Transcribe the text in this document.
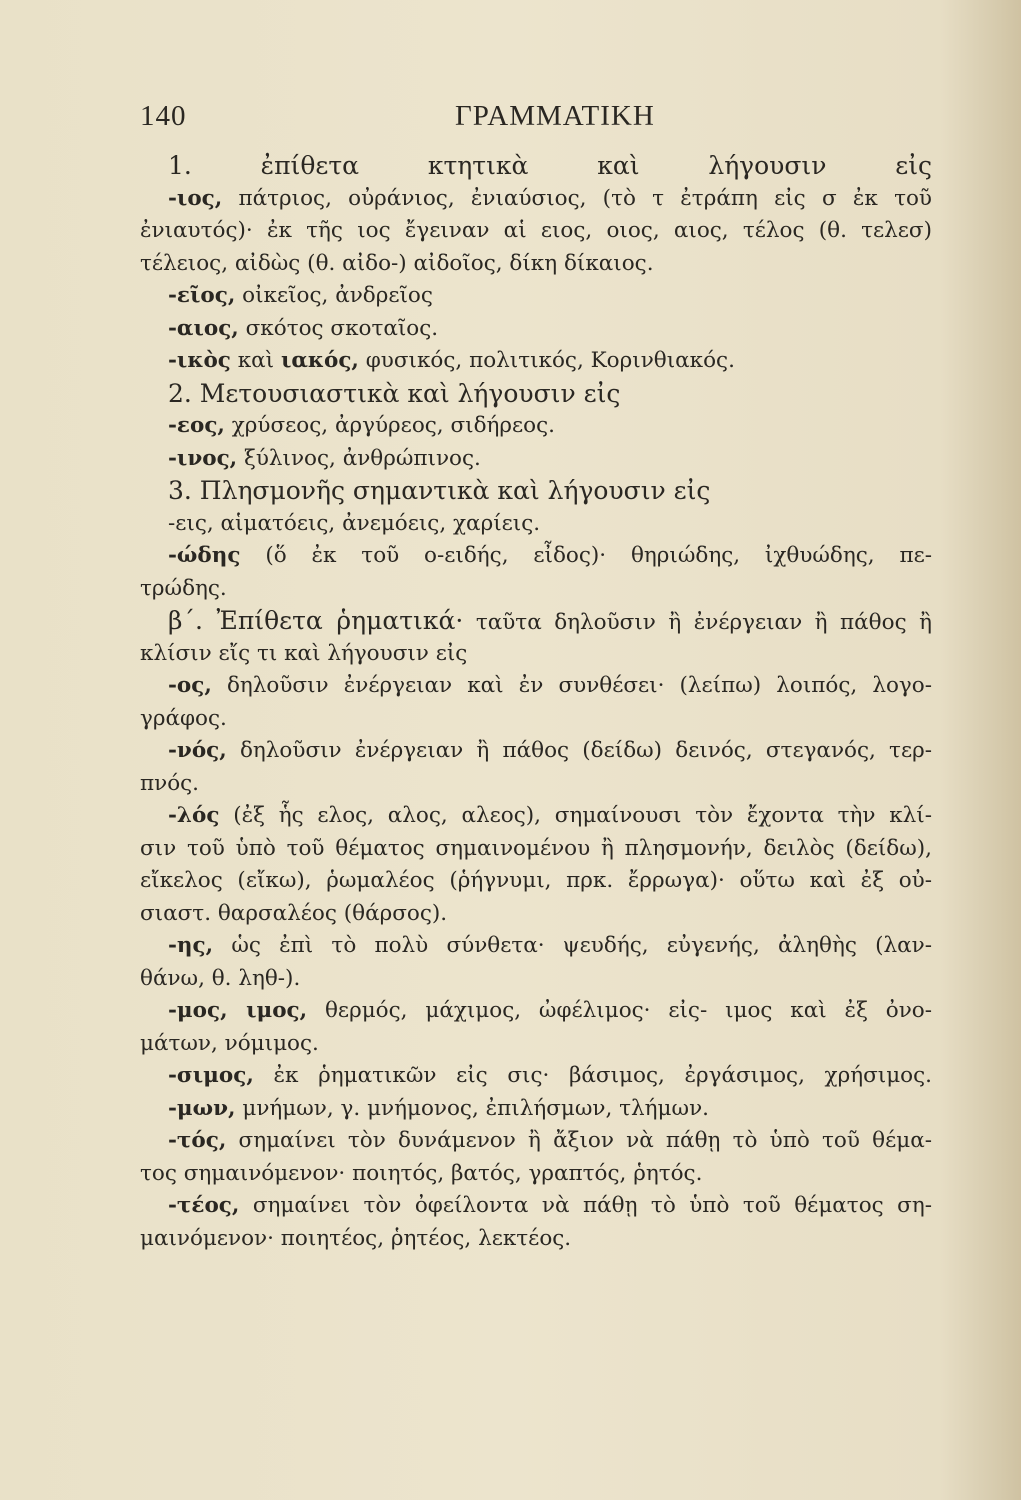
140	ΓΡΑΜΜΑΤΙΚΗ
1. ἐπίθετα κτητικὰ καὶ λήγουσιν εἰς
-ιος, πάτριος, οὐράνιος, ἐνιαύσιος, (τὸ τ ἐτράπη εἰς σ ἐκ τοῦ
ἐνιαυτός)· ἐκ τῆς ιος ἔγειναν αἱ ειος, οιος, αιος, τέλος (θ. τελεσ)
τέλειος, αἰδὼς (θ. αἰδο-) αἰδοῖος, δίκη δίκαιος.
-εῖος, οἰκεῖος, ἀνδρεῖος
-αιος, σκότος σκοταῖος.
-ικὸς καὶ ιακός, φυσικός, πολιτικός, Κορινθιακός.
2. Μετουσιαστικὰ καὶ λήγουσιν εἰς
-εος, χρύσεος, ἀργύρεος, σιδήρεος.
-ινος, ξύλινος, ἀνθρώπινος.
3. Πλησμονῆς σημαντικὰ καὶ λήγουσιν εἰς
-εις, αἱματόεις, ἀνεμόεις, χαρίεις.
-ώδης (ὅ ἐκ τοῦ ο-ειδής, εἶδος)· θηριώδης, ἰχθυώδης, πε-
τρώδης.
β΄. Ἐπίθετα ῥηματικά· ταῦτα δηλοῦσιν ἢ ἐνέργειαν ἢ πάθος ἢ
κλίσιν εἴς τι καὶ λήγουσιν εἰς
-ος, δηλοῦσιν ἐνέργειαν καὶ ἐν συνθέσει· (λείπω) λοιπός, λογο-
γράφος.
-νός, δηλοῦσιν ἐνέργειαν ἢ πάθος (δείδω) δεινός, στεγανός, τερ-
πνός.
-λός (ἐξ ἧς ελος, αλος, αλεος), σημαίνουσι τὸν ἔχοντα τὴν κλί-
σιν τοῦ ὑπὸ τοῦ θέματος σημαινομένου ἢ πλησμονήν, δειλὸς (δείδω),
εἴκελος (εἴκω), ῥωμαλέος (ῥήγνυμι, πρκ. ἔρρωγα)· οὕτω καὶ ἐξ οὐ-
σιαστ. θαρσαλέος (θάρσος).
-ης, ὡς ἐπὶ τὸ πολὺ σύνθετα· ψευδής, εὐγενής, ἀληθὴς (λαν-
θάνω, θ. ληθ-).
-μος, ιμος, θερμός, μάχιμος, ὠφέλιμος· εἰς- ιμος καὶ ἐξ ὀνο-
μάτων, νόμιμος.
-σιμος, ἐκ ῥηματικῶν εἰς σις· βάσιμος, ἐργάσιμος, χρήσιμος.
-μων, μνήμων, γ. μνήμονος, ἐπιλήσμων, τλήμων.
-τός, σημαίνει τὸν δυνάμενον ἢ ἄξιον νὰ πάθῃ τὸ ὑπὸ τοῦ θέμα-
τος σημαινόμενον· ποιητός, βατός, γραπτός, ῥητός.
-τέος, σημαίνει τὸν ὀφείλοντα νὰ πάθῃ τὸ ὑπὸ τοῦ θέματος ση-
μαινόμενον· ποιητέος, ῥητέος, λεκτέος.
